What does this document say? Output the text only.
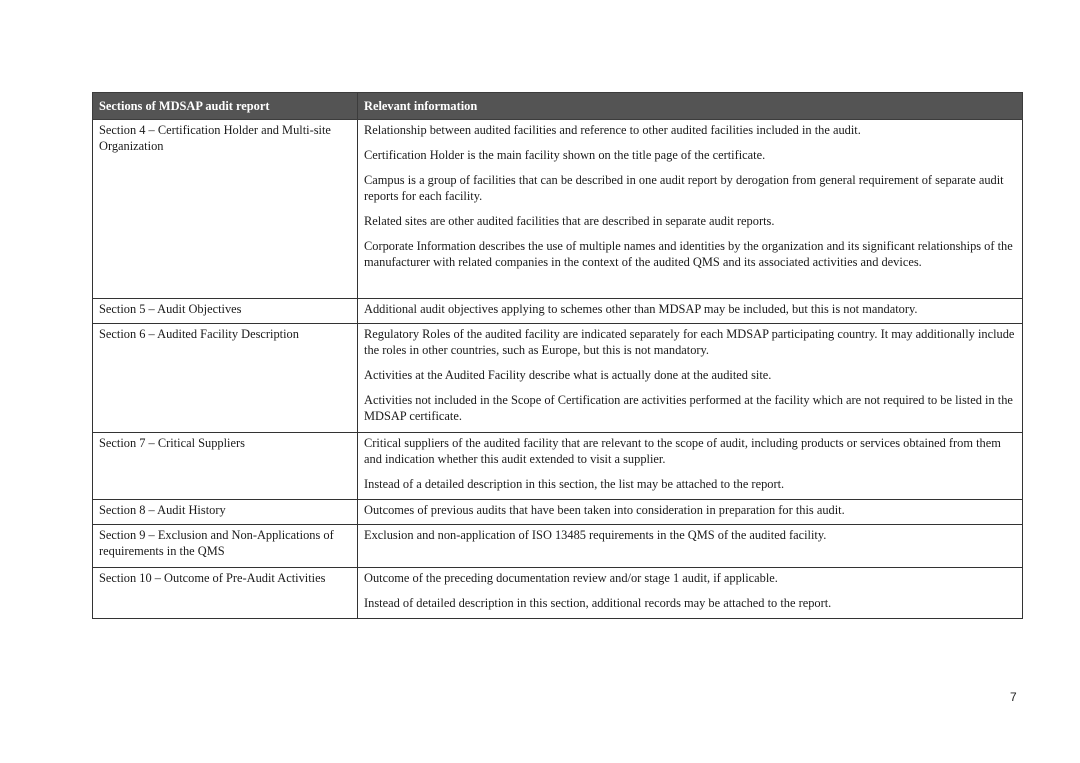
Sections of MDSAP audit report	Relevant information
Section 4 – Certification Holder and Multi-site Organization	Relationship between audited facilities and reference to other audited facilities included in the audit.

Certification Holder is the main facility shown on the title page of the certificate.

Campus is a group of facilities that can be described in one audit report by derogation from general requirement of separate audit reports for each facility.

Related sites are other audited facilities that are described in separate audit reports.

Corporate Information describes the use of multiple names and identities by the organization and its significant relationships of the manufacturer with related companies in the context of the audited QMS and its associated activities and devices.

Section 5 – Audit Objectives	Additional audit objectives applying to schemes other than MDSAP may be included, but this is not mandatory.

Section 6 – Audited Facility Description	Regulatory Roles of the audited facility are indicated separately for each MDSAP participating country. It may additionally include the roles in other countries, such as Europe, but this is not mandatory.

Activities at the Audited Facility describe what is actually done at the audited site.

Activities not included in the Scope of Certification are activities performed at the facility which are not required to be listed in the MDSAP certificate.

Section 7 – Critical Suppliers	Critical suppliers of the audited facility that are relevant to the scope of audit, including products or services obtained from them and indication whether this audit extended to visit a supplier.

Instead of a detailed description in this section, the list may be attached to the report.

Section 8 – Audit History	Outcomes of previous audits that have been taken into consideration in preparation for this audit.

Section 9 – Exclusion and Non-Applications of requirements in the QMS	Exclusion and non-application of ISO 13485 requirements in the QMS of the audited facility.

Section 10 – Outcome of Pre-Audit Activities	Outcome of the preceding documentation review and/or stage 1 audit, if applicable.

Instead of detailed description in this section, additional records may be attached to the report.

7
